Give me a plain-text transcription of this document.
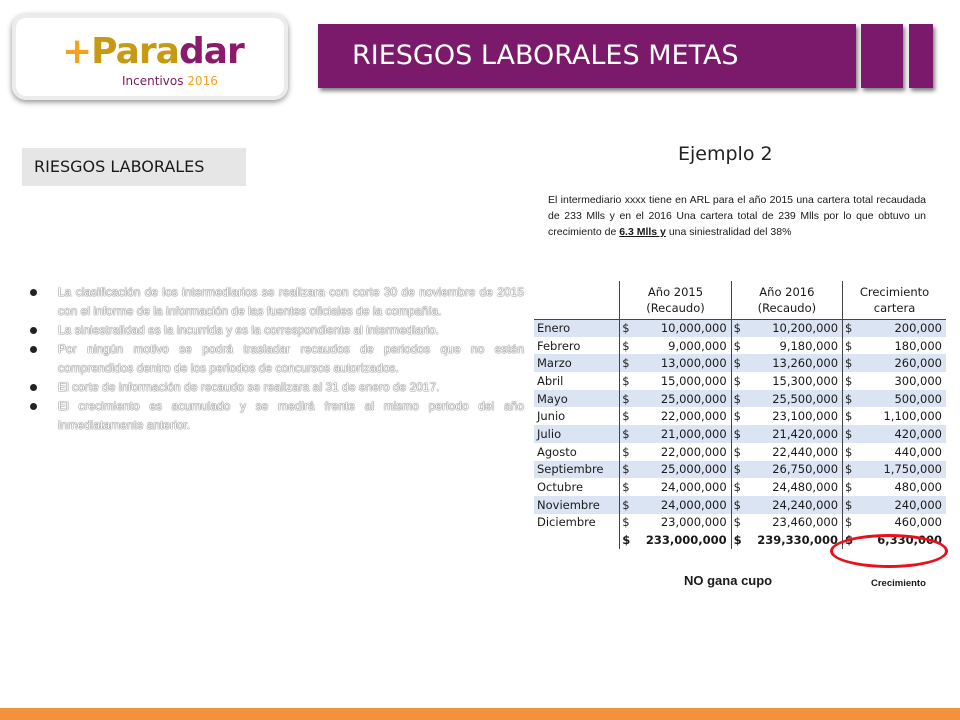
+Paradar
Incentivos 2016
RIESGOS LABORALES METAS
RIESGOS LABORALES
La clasificación de los intermediarios se realizara con corte 30 de noviembre de 2015 con el informe de la información de las fuentes oficiales de la compañía.
La siniestralidad es la incurrida y es la correspondiente al intermediario.
Por ningún motivo se podrá trasladar recaudos de periodos que no estén comprendidos dentro de los periodos de concursos autorizados.
El corte de información de recaudo se realizara al 31 de enero de 2017.
El crecimiento es acumulado y se medirá frente al mismo periodo del año inmediatamente anterior.
Ejemplo 2
El intermediario xxxx tiene en ARL para el año 2015 una cartera total recaudada de 233 Mlls y en el 2016 Una cartera total de 239 Mlls por lo que obtuvo un crecimiento de 6.3 Mlls y una siniestralidad del 38%
	Año 2015
(Recaudo)		Año 2016
(Recaudo)		Crecimiento
cartera	
Enero	$	10,000,000	$	10,200,000	$	200,000
Febrero	$	9,000,000	$	9,180,000	$	180,000
Marzo	$	13,000,000	$	13,260,000	$	260,000
Abril	$	15,000,000	$	15,300,000	$	300,000
Mayo	$	25,000,000	$	25,500,000	$	500,000
Junio	$	22,000,000	$	23,100,000	$	1,100,000
Julio	$	21,000,000	$	21,420,000	$	420,000
Agosto	$	22,000,000	$	22,440,000	$	440,000
Septiembre	$	25,000,000	$	26,750,000	$	1,750,000
Octubre	$	24,000,000	$	24,480,000	$	480,000
Noviembre	$	24,000,000	$	24,240,000	$	240,000
Diciembre	$	23,000,000	$	23,460,000	$	460,000
	$	233,000,000	$	239,330,000	$	6,330,000
NO gana cupo	Crecimiento
